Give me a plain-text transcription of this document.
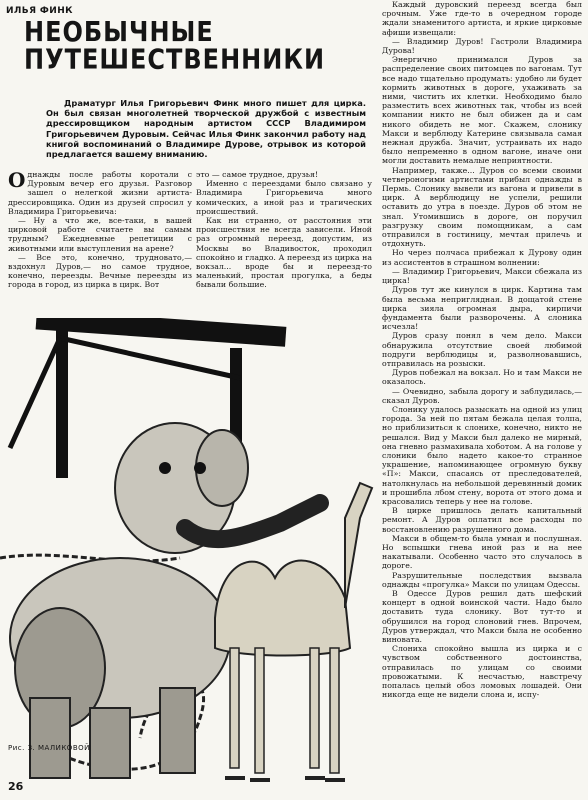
ИЛЬЯ ФИНК
НЕОБЫЧНЫЕ ПУТЕШЕСТВЕННИКИ
Драматург Илья Григорьевич Финк много пишет для цирка. Он был связан многолетней творческой дружбой с известным дрессировщиком народным артистом СССР Владимиром Григорьевичем Дуровым. Сейчас Илья Финк закончил работу над книгой воспоминаний о Владимире Дурове, отрывок из которой предлагается вашему вниманию.

Однажды после работы коротали с Дуровым вечер его друзья. Разговор зашел о нелегкой жизни артиста-дрессировщика. Один из друзей спросил у Владимира Григорьевича:

— Ну а что же, все-таки, в вашей цирковой работе считаете вы самым трудным? Ежедневные репетиции с животными или выступления на арене?

— Все это, конечно, трудновато,— вздохнул Дуров,— но самое трудное, конечно, переезды. Вечные переезды из города в город, из цирка в цирк. Вот

это — самое трудное, друзья!

Именно с переездами было связано у Владимира Григорьевича много комических, а иной раз и трагических происшествий.

Как ни странно, от расстояния эти происшествия не всегда зависели. Иной раз огромный переезд, допустим, из Москвы во Владивосток, проходил спокойно и гладко. А переезд из цирка на вокзал... вроде бы и переезд-то маленький, простая прогулка, а беды бывали большие.

Каждый дуровский переезд всегда был срочным. Уже где-то в очередном городе ждали знаменитого артиста, и яркие цирковые афиши извещали:

— Владимир Дуров! Гастроли Владимира Дурова!

Энергично принимался Дуров за распределение своих питомцев по вагонам. Тут все надо тщательно продумать: удобно ли будет кормить животных в дороге, ухаживать за ними, чистить их клетки. Необходимо было разместить всех животных так, чтобы из всей компании никто не был обижен да и сам никого обидеть не мог. Скажем, слонику Макси и верблюду Катерине связывала самая нежная дружба. Значит, устраивать их надо было непременно в одном вагоне, иначе они могли доставить немалые неприятности.

Например, также... Дуров со всеми своими четвероногими артистами прибыл однажды в Пермь. Слонику вывели из вагона и привели в цирк. А верблюдицу не успели, решили оставить до утра в поезде. Дуров об этом не знал. Утомившись в дороге, он поручил разгрузку своим помощникам, а сам отправился в гостиницу, мечтая прилечь и отдохнуть.

Но через полчаса прибежал к Дурову один из ассистентов в страшном волнении:

— Владимир Григорьевич, Макси сбежала из цирка!

Дуров тут же кинулся в цирк. Картина там была весьма неприглядная. В дощатой стене цирка зияла огромная дыра, кирпичи фундамента были разворочены. А слоника исчезла!

Дуров сразу понял в чем дело. Макси обнаружила отсутствие своей любимой подруги верблюдицы и, разволновавшись, отправилась на розыски.

Дуров побежал на вокзал. Но и там Макси не оказалось.

— Очевидно, забыла дорогу и заблудилась,— сказал Дуров.

Слонику удалось разыскать на одной из улиц города. За ней по пятам бежала целая толпа, но приблизиться к слонихе, конечно, никто не решался. Вид у Макси был далеко не мирный, она гневно размахивала хоботом. А на голове у слоники было надето какое-то странное украшение, напоминающее огромную букву «П»: Макси, спасаясь от преследователей, натолкнулась на небольшой деревянный домик и прошибла лбом стену, ворота от этого дома и красовались теперь у нее на голове.

В цирке пришлось делать капитальный ремонт. А Дуров оплатил все расходы по восстановлению разрушенного дома.

Макси в общем-то была умная и послушная. Но вспышки гнева иной раз и на нее накатывали. Особенно часто это случалось в дороге.

Разрушительные последствия вызвала однажды «прогулка» Макси по улицам Одессы.

В Одессе Дуров решил дать шефский концерт в одной воинской части. Надо было доставить туда слонику. Вот тут-то и обрушился на город слоновий гнев. Впрочем, Дуров утверждал, что Макси была не особенно виновата.

Слониха спокойно вышла из цирка и с чувством собственного достоинства, отправилась по улицам со своими провожатыми. К несчастью, навстречу попалась целый обоз ломовых лошадей. Они никогда еще не видели слона и, испу-

Рис. З. МАЛИКОВОЙ
26
